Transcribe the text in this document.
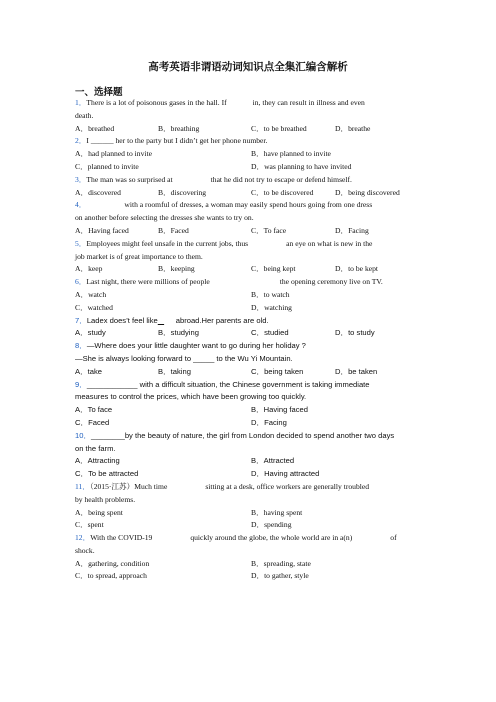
高考英语非谓语动词知识点全集汇编含解析
一、选择题
1．There is a lot of poisonous gases in the hall. If	in, they can result in illness and even
death.
A．breathed	B．breathing	C．to be breathed	D．breathe
2．I ______ her to the party but I didn’t get her phone number.
A．had planned to invite	B．have planned to invite
C．planned to invite	D．was planning to have invited
3．The man was so surprised at	that he did not try to escape or defend himself.
A．discovered	B．discovering	C．to be discovered	D．being discovered
4．	with a roomful of dresses, a woman may easily spend hours going from one dress
on another before selecting the dresses she wants to try on.
A．Having faced	B．Faced	C．To face	D．Facing
5．Employees might feel unsafe in the current jobs, thus	an eye on what is new in the
job market is of great importance to them.
A．keep	B．keeping	C．being kept	D．to be kept
6．Last night, there were millions of people	the opening ceremony live on TV.
A．watch	B．to watch
C．watched	D．watching
7．Ladex does’t feel like abroad.Her parents are old.
A．study	B．studying	C．studied	D．to study
8．—Where does your little daughter want to go during her holiday ?
—She is always looking forward to _____ to the Wu Yi Mountain.
A．take	B．taking	C．being taken	D．be taken
9．____________ with a difficult situation, the Chinese government is taking immediate
measures to control the prices, which have been growing too quickly.
A．To face	B．Having faced
C．Faced	D．Facing
10．________by the beauty of nature, the girl from London decided to spend another two days
on the farm.
A．Attracting	B．Attracted
C．To be attracted	D．Having attracted
11．（2015·江苏）Much time	sitting at a desk, office workers are generally troubled
by health problems.
A．being spent	B．having spent
C．spent	D．spending
12．With the COVID-19	quickly around the globe, the whole world are in a(n)	of
shock.
A．gathering, condition	B．spreading, state
C．to spread, approach	D．to gather, style
